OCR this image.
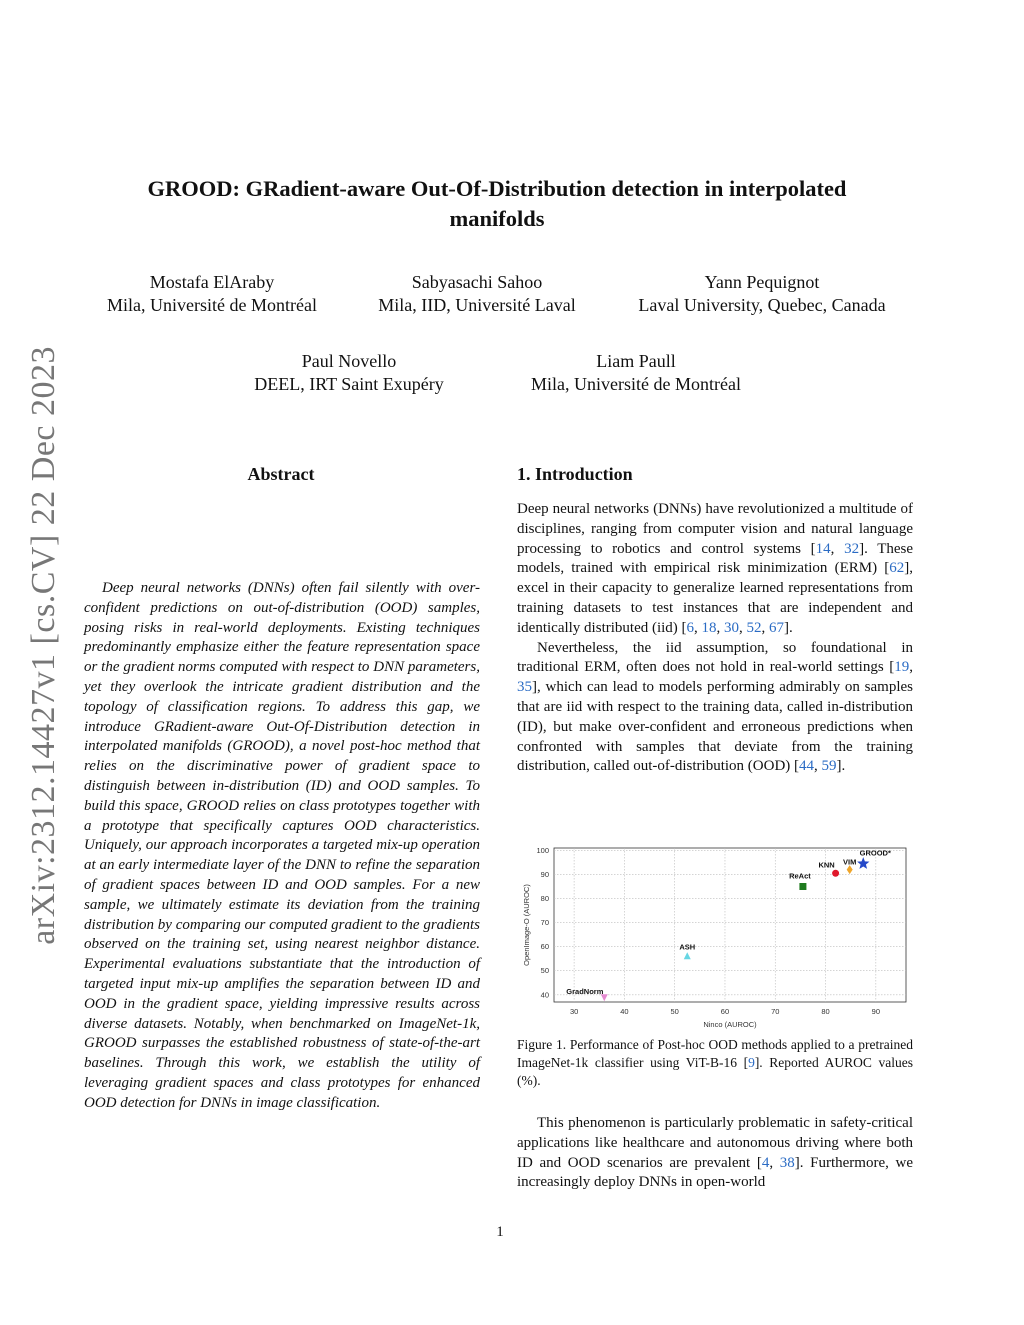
arXiv:2312.14427v1 [cs.CV] 22 Dec 2023
GROOD: GRadient-aware Out-Of-Distribution detection in interpolated manifolds
Mostafa ElAraby
Mila, Université de Montréal
Sabyasachi Sahoo
Mila, IID, Université Laval
Yann Pequignot
Laval University, Quebec, Canada
Paul Novello
DEEL, IRT Saint Exupéry
Liam Paull
Mila, Université de Montréal
Abstract

Deep neural networks (DNNs) often fail silently with over-confident predictions on out-of-distribution (OOD) samples, posing risks in real-world deployments. Existing techniques predominantly emphasize either the feature representation space or the gradient norms computed with respect to DNN parameters, yet they overlook the intricate gradient distribution and the topology of classification regions. To address this gap, we introduce GRadient-aware Out-Of-Distribution detection in interpolated manifolds (GROOD), a novel post-hoc method that relies on the discriminative power of gradient space to distinguish between in-distribution (ID) and OOD samples. To build this space, GROOD relies on class prototypes together with a prototype that specifically captures OOD characteristics. Uniquely, our approach incorporates a targeted mix-up operation at an early intermediate layer of the DNN to refine the separation of gradient spaces between ID and OOD samples. For a new sample, we ultimately estimate its deviation from the training distribution by comparing our computed gradient to the gradients observed on the training set, using nearest neighbor distance. Experimental evaluations substantiate that the introduction of targeted input mix-up amplifies the separation between ID and OOD in the gradient space, yielding impressive results across diverse datasets. Notably, when benchmarked on ImageNet-1k, GROOD surpasses the established robustness of state-of-the-art baselines. Through this work, we establish the utility of leveraging gradient spaces and class prototypes for enhanced OOD detection for DNNs in image classification.

1. Introduction

Deep neural networks (DNNs) have revolutionized a multitude of disciplines, ranging from computer vision and natural language processing to robotics and control systems [14, 32]. These models, trained with empirical risk minimization (ERM) [62], excel in their capacity to generalize learned representations from training datasets to test instances that are independent and identically distributed (iid) [6, 18, 30, 52, 67].

Nevertheless, the iid assumption, so foundational in traditional ERM, often does not hold in real-world settings [19, 35], which can lead to models performing admirably on samples that are iid with respect to the training data, called in-distribution (ID), but make over-confident and erroneous predictions when confronted with samples that deviate from the training distribution, called out-of-distribution (OOD) [44, 59].

30	40	50	60	70	80	90
40
50
60
70
80
90
100
Ninco (AUROC)
OpenImage-O (AUROC)
GradNorm
ASH
ReAct
KNN VIM
GROOD*
Figure 1. Performance of Post-hoc OOD methods applied to a pretrained ImageNet-1k classifier using ViT-B-16 [9]. Reported AUROC values (%).

This phenomenon is particularly problematic in safety-critical applications like healthcare and autonomous driving where both ID and OOD scenarios are prevalent [4, 38]. Furthermore, we increasingly deploy DNNs in open-world

1
